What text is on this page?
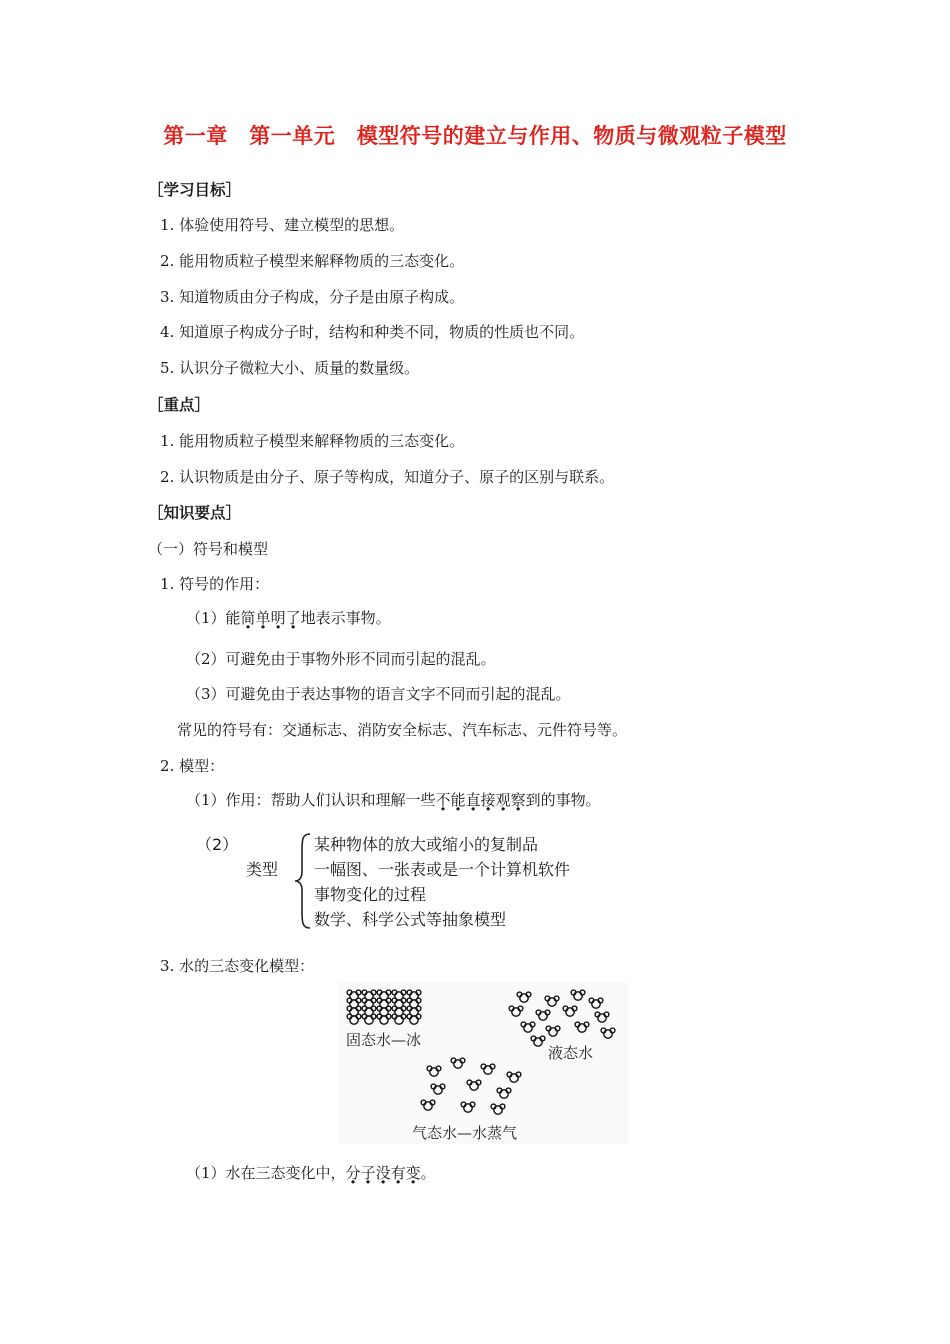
第一章　第一单元　模型符号的建立与作用、物质与微观粒子模型
［学习目标］
1. 体验使用符号、建立模型的思想。
2. 能用物质粒子模型来解释物质的三态变化。
3. 知道物质由分子构成，分子是由原子构成。
4. 知道原子构成分子时，结构和种类不同，物质的性质也不同。
5. 认识分子微粒大小、质量的数量级。
［重点］
1. 能用物质粒子模型来解释物质的三态变化。
2. 认识物质是由分子、原子等构成，知道分子、原子的区别与联系。
［知识要点］
（一）符号和模型
1. 符号的作用：
（1）能简单明了地表示事物。
（2）可避免由于事物外形不同而引起的混乱。
（3）可避免由于表达事物的语言文字不同而引起的混乱。
常见的符号有：交通标志、消防安全标志、汽车标志、元件符号等。
2. 模型：
（1）作用：帮助人们认识和理解一些不能直接观察到的事物。
（2）
类型
某种物体的放大或缩小的复制品
一幅图、一张表或是一个计算机软件
事物变化的过程
数学、科学公式等抽象模型
3. 水的三态变化模型：
固态水—冰
液态水
气态水—水蒸气
（1）水在三态变化中，分子没有变。
